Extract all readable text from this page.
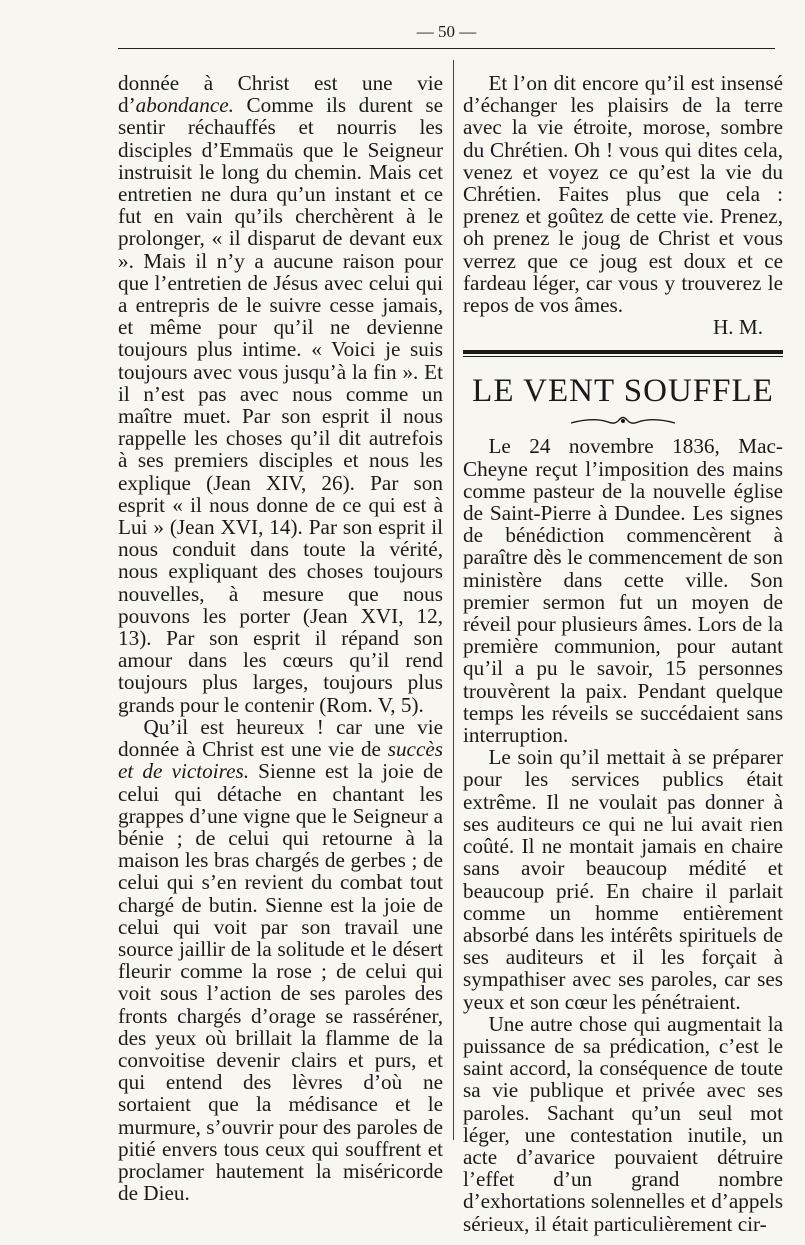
— 50 —

donnée à Christ est une vie d’abondance. Comme ils durent se sentir réchauffés et nourris les disciples d’Emmaüs que le Seigneur instruisit le long du chemin. Mais cet entretien ne dura qu’un instant et ce fut en vain qu’ils cherchèrent à le prolonger, « il disparut de devant eux ». Mais il n’y a aucune raison pour que l’entretien de Jésus avec celui qui a entrepris de le suivre cesse jamais, et même pour qu’il ne devienne toujours plus intime. « Voici je suis toujours avec vous jusqu’à la fin ». Et il n’est pas avec nous comme un maître muet. Par son esprit il nous rappelle les choses qu’il dit autrefois à ses premiers disciples et nous les explique (Jean XIV, 26). Par son esprit « il nous donne de ce qui est à Lui » (Jean XVI, 14). Par son esprit il nous conduit dans toute la vérité, nous expliquant des choses toujours nouvelles, à mesure que nous pouvons les porter (Jean XVI, 12, 13). Par son esprit il répand son amour dans les cœurs qu’il rend toujours plus larges, toujours plus grands pour le contenir (Rom. V, 5).

Qu’il est heureux ! car une vie donnée à Christ est une vie de succès et de victoires. Sienne est la joie de celui qui détache en chantant les grappes d’une vigne que le Seigneur a bénie ; de celui qui retourne à la maison les bras chargés de gerbes ; de celui qui s’en revient du combat tout chargé de butin. Sienne est la joie de celui qui voit par son travail une source jaillir de la solitude et le désert fleurir comme la rose ; de celui qui voit sous l’action de ses paroles des fronts chargés d’orage se rasséréner, des yeux où brillait la flamme de la convoitise devenir clairs et purs, et qui entend des lèvres d’où ne sortaient que la médisance et le murmure, s’ouvrir pour des paroles de pitié envers tous ceux qui souffrent et proclamer hautement la miséricorde de Dieu.

Et l’on dit encore qu’il est insensé d’échanger les plaisirs de la terre avec la vie étroite, morose, sombre du Chrétien. Oh ! vous qui dites cela, venez et voyez ce qu’est la vie du Chrétien. Faites plus que cela : prenez et goûtez de cette vie. Prenez, oh prenez le joug de Christ et vous verrez que ce joug est doux et ce fardeau léger, car vous y trouverez le repos de vos âmes.

H. M.

LE VENT SOUFFLE

Le 24 novembre 1836, Mac-Cheyne reçut l’imposition des mains comme pasteur de la nouvelle église de Saint-Pierre à Dundee. Les signes de bénédiction commencèrent à paraître dès le commencement de son ministère dans cette ville. Son premier sermon fut un moyen de réveil pour plusieurs âmes. Lors de la première communion, pour autant qu’il a pu le savoir, 15 personnes trouvèrent la paix. Pendant quelque temps les réveils se succédaient sans interruption.

Le soin qu’il mettait à se préparer pour les services publics était extrême. Il ne voulait pas donner à ses auditeurs ce qui ne lui avait rien coûté. Il ne montait jamais en chaire sans avoir beaucoup médité et beaucoup prié. En chaire il parlait comme un homme entièrement absorbé dans les intérêts spirituels de ses auditeurs et il les forçait à sympathiser avec ses paroles, car ses yeux et son cœur les pénétraient.

Une autre chose qui augmentait la puissance de sa prédication, c’est le saint accord, la conséquence de toute sa vie publique et privée avec ses paroles. Sachant qu’un seul mot léger, une contestation inutile, un acte d’avarice pouvaient détruire l’effet d’un grand nombre d’exhortations solennelles et d’appels sérieux, il était particulièrement cir-
